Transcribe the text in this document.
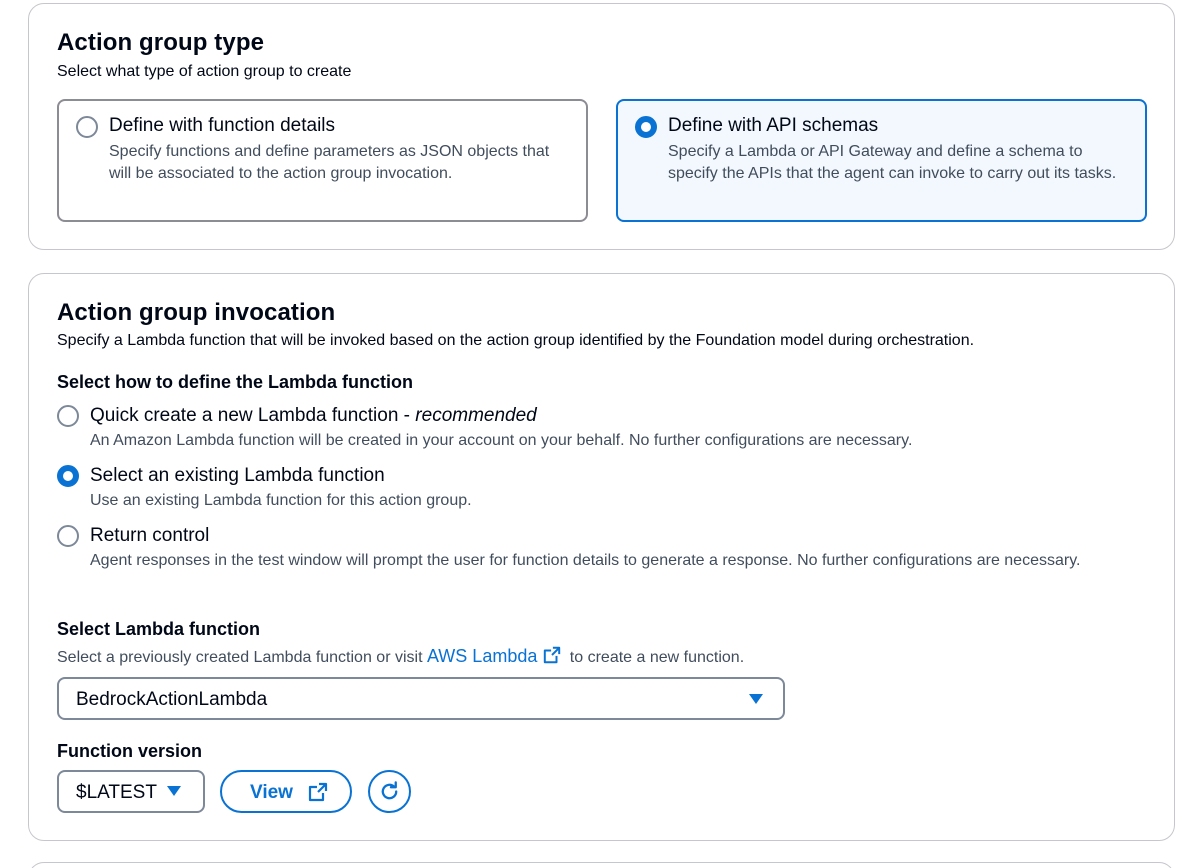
Action group type
Select what type of action group to create
Define with function details
Specify functions and define parameters as JSON objects that will be associated to the action group invocation.
Define with API schemas
Specify a Lambda or API Gateway and define a schema to specify the APIs that the agent can invoke to carry out its tasks.
Action group invocation
Specify a Lambda function that will be invoked based on the action group identified by the Foundation model during orchestration.
Select how to define the Lambda function
Quick create a new Lambda function - recommended
An Amazon Lambda function will be created in your account on your behalf. No further configurations are necessary.
Select an existing Lambda function
Use an existing Lambda function for this action group.
Return control
Agent responses in the test window will prompt the user for function details to generate a response. No further configurations are necessary.
Select Lambda function
Select a previously created Lambda function or visit AWS Lambda to create a new function.
BedrockActionLambda
Function version
$LATEST	View
